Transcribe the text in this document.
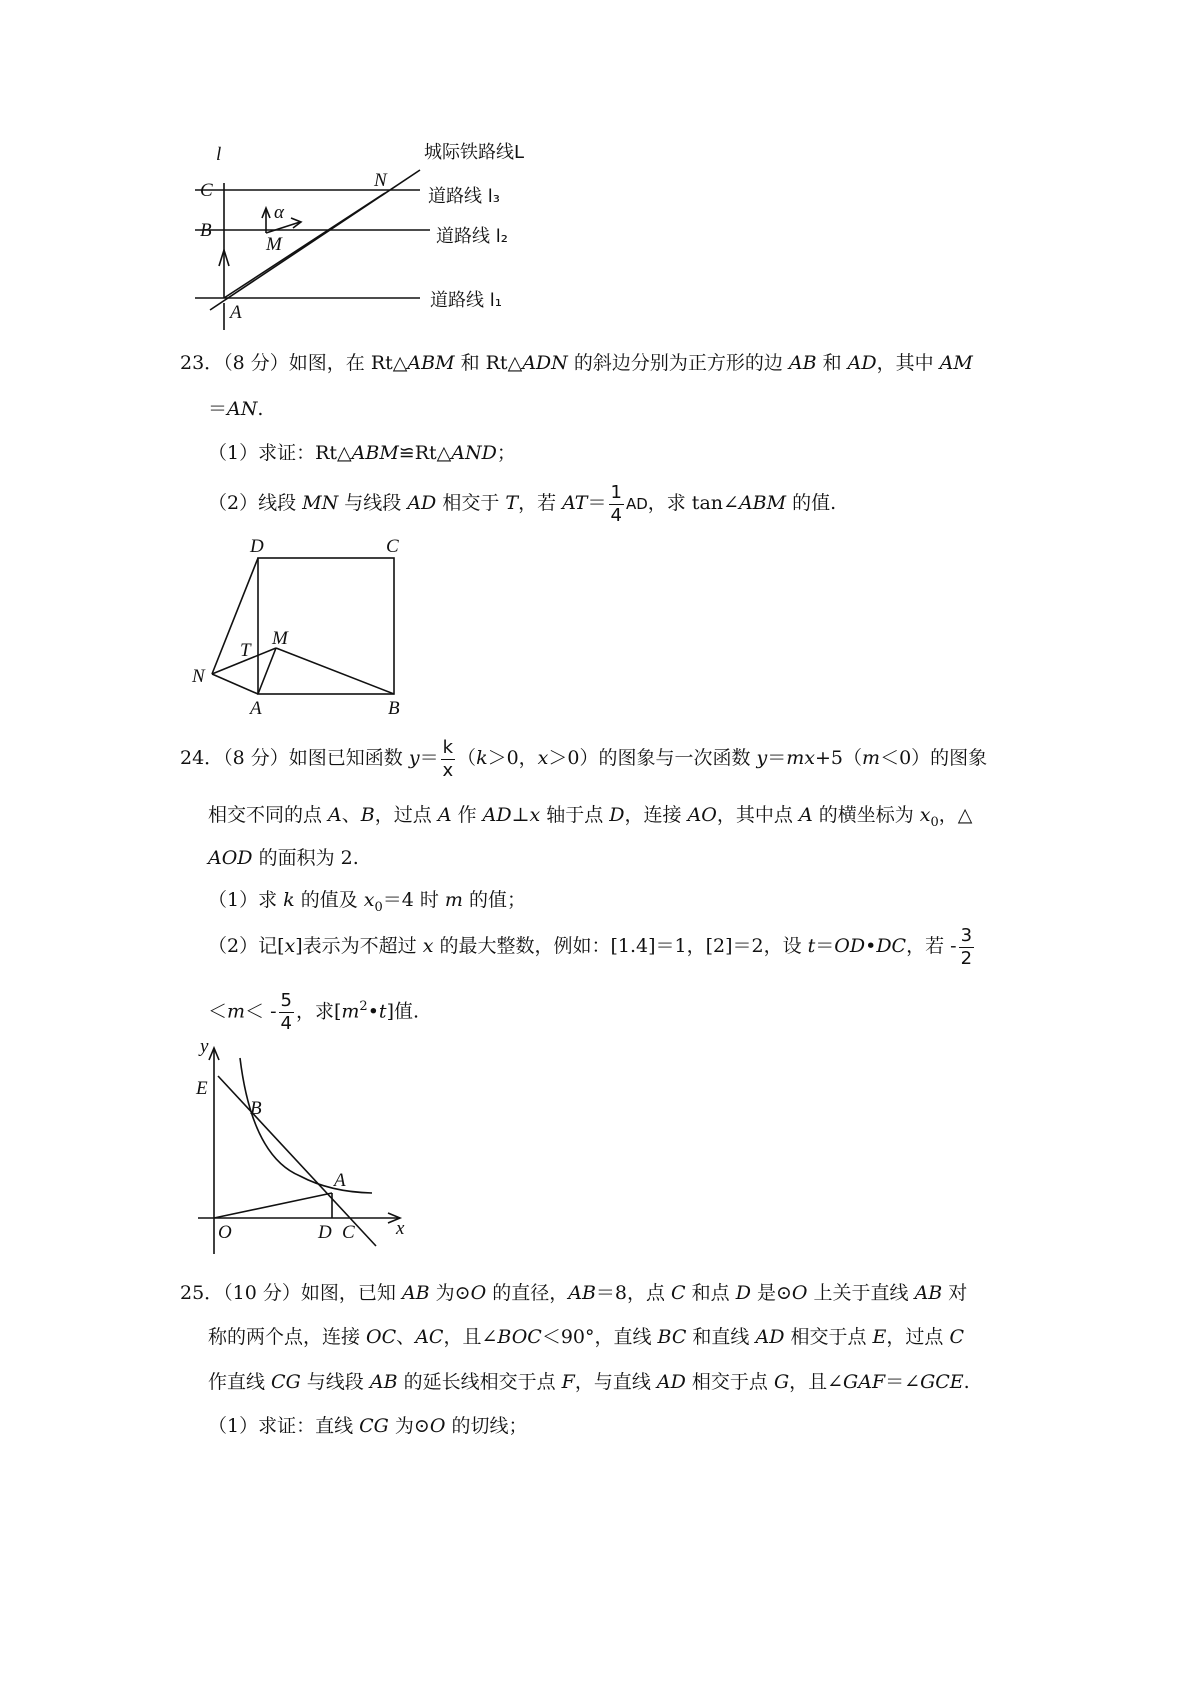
l
C
B
A
N
M
α
城际铁路线L
道路线 l₃
道路线 l₂
道路线 l₁
23．（8 分）如图，在 Rt△ABM 和 Rt△ADN 的斜边分别为正方形的边 AB 和 AD，其中 AM
＝AN.
（1）求证：Rt△ABM≌Rt△AND；
（2）线段 MN 与线段 AD 相交于 T，若 $AT= \frac{1}{4}$ AD，求 tan∠ABM 的值.
D	C
T
M
N
A	B
24．（8 分）如图已知函数 $y= \frac{k}{x} (k>0$，x＞0）的图象与一次函数 y＝mx+5（m＜0）的图象
相交不同的点 A、B，过点 A 作 AD⊥x 轴于点 D，连接 AO，其中点 A 的横坐标为 $x_0$，△
AOD 的面积为 2.
（1）求 k 的值及 $x_0=4$ 时 m 的值；
（2）记[x]表示为不超过 x 的最大整数，例如：[1.4]＝1，[2]＝2，设 t＝OD•DC，若 - $\frac{3}{2}$
$<m< - \frac{5}{4}$ ，求$[m^2•t]$值.
y
E
B
A
O	D C x
25．（10 分）如图，已知 AB 为⊙O 的直径，AB＝8，点 C 和点 D 是⊙O 上关于直线 AB 对
称的两个点，连接 OC、AC，且∠BOC＜90°，直线 BC 和直线 AD 相交于点 E，过点 C
作直线 CG 与线段 AB 的延长线相交于点 F，与直线 AD 相交于点 G，且∠GAF＝∠GCE.
（1）求证：直线 CG 为⊙O 的切线；
